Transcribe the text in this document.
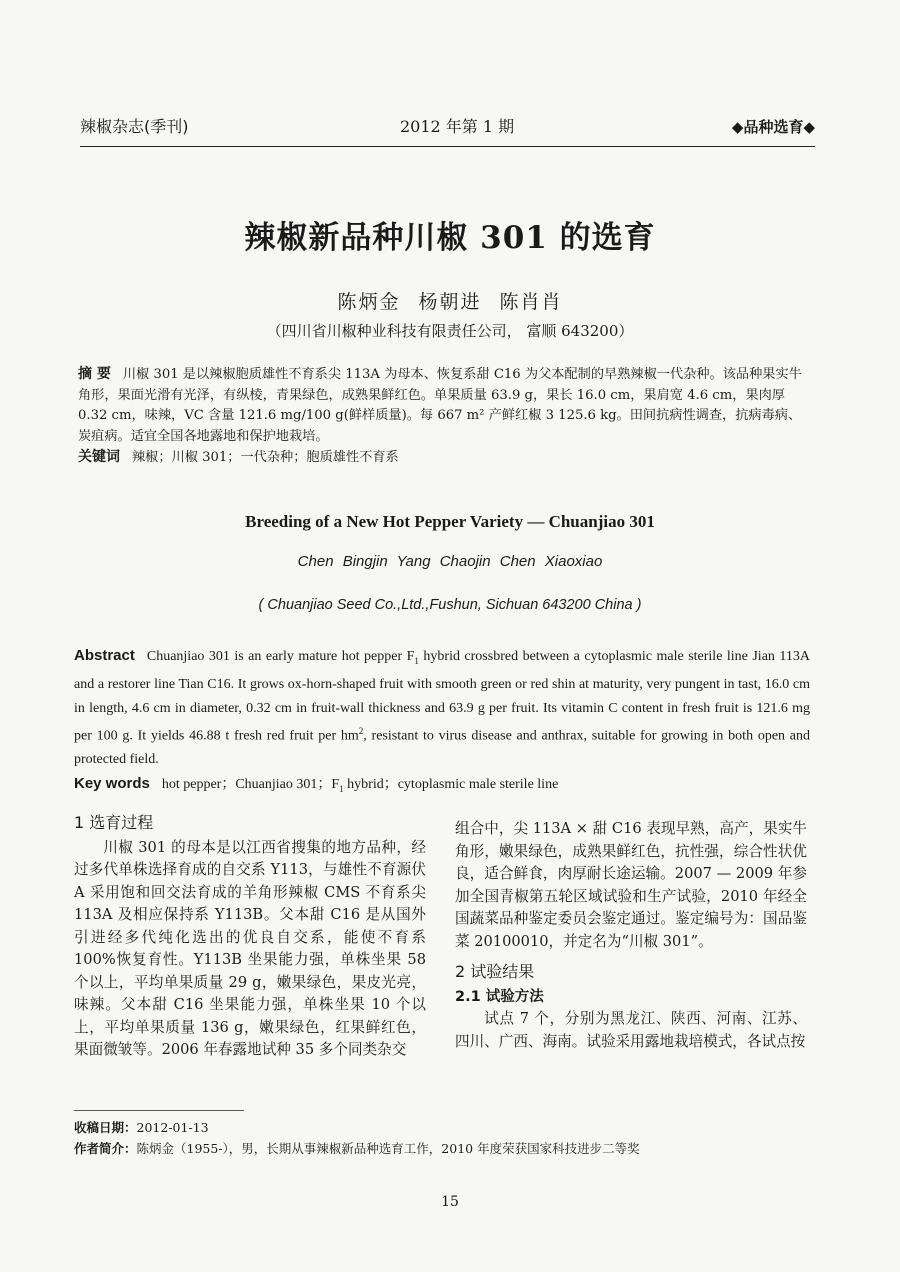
辣椒杂志(季刊)	2012 年第 1 期	◆品种选育◆
辣椒新品种川椒 301 的选育
陈炳金 杨朝进 陈肖肖
（四川省川椒种业科技有限责任公司， 富顺 643200）
摘 要 川椒 301 是以辣椒胞质雄性不育系尖 113A 为母本、恢复系甜 C16 为父本配制的早熟辣椒一代杂种。该品种果实牛角形，果面光滑有光泽，有纵棱，青果绿色，成熟果鲜红色。单果质量 63.9 g，果长 16.0 cm，果肩宽 4.6 cm，果肉厚 0.32 cm，味辣，VC 含量 121.6 mg/100 g(鲜样质量)。每 667 m² 产鲜红椒 3 125.6 kg。田间抗病性调查，抗病毒病、炭疽病。适宜全国各地露地和保护地栽培。
关键词 辣椒；川椒 301；一代杂种；胞质雄性不育系
Breeding of a New Hot Pepper Variety — Chuanjiao 301
Chen Bingjin Yang Chaojin Chen Xiaoxiao
( Chuanjiao Seed Co.,Ltd.,Fushun, Sichuan 643200 China )
Abstract Chuanjiao 301 is an early mature hot pepper $F_1$ hybrid crossbred between a cytoplasmic male sterile line Jian 113A and a restorer line Tian C16. It grows ox-horn-shaped fruit with smooth green or red shin at maturity, very pungent in tast, 16.0 cm in length, 4.6 cm in diameter, 0.32 cm in fruit-wall thickness and 63.9 g per fruit. Its vitamin C content in fresh fruit is 121.6 mg per 100 g. It yields 46.88 t fresh red fruit per $hm^2$, resistant to virus disease and anthrax, suitable for growing in both open and protected field.
Key words hot pepper；Chuanjiao 301；$F_1$ hybrid；cytoplasmic male sterile line
1 选育过程

川椒 301 的母本是以江西省搜集的地方品种，经过多代单株选择育成的自交系 Y113，与雄性不育源伏 A 采用饱和回交法育成的羊角形辣椒 CMS 不育系尖 113A 及相应保持系 Y113B。父本甜 C16 是从国外引进经多代纯化选出的优良自交系，能使不育系 100%恢复育性。Y113B 坐果能力强，单株坐果 58 个以上，平均单果质量 29 g，嫩果绿色，果皮光亮，味辣。父本甜 C16 坐果能力强，单株坐果 10 个以上，平均单果质量 136 g，嫩果绿色，红果鲜红色，果面微皱等。2006 年春露地试种 35 多个同类杂交

组合中，尖 113A × 甜 C16 表现早熟，高产，果实牛角形，嫩果绿色，成熟果鲜红色，抗性强，综合性状优良，适合鲜食，肉厚耐长途运输。2007 — 2009 年参加全国青椒第五轮区域试验和生产试验，2010 年经全国蔬菜品种鉴定委员会鉴定通过。鉴定编号为：国品鉴菜 20100010，并定名为“川椒 301”。

2 试验结果
2.1 试验方法

试点 7 个，分别为黑龙江、陕西、河南、江苏、四川、广西、海南。试验采用露地栽培模式，各试点按

收稿日期：2012-01-13
作者简介：陈炳金（1955-），男，长期从事辣椒新品种选育工作，2010 年度荣获国家科技进步二等奖
15
